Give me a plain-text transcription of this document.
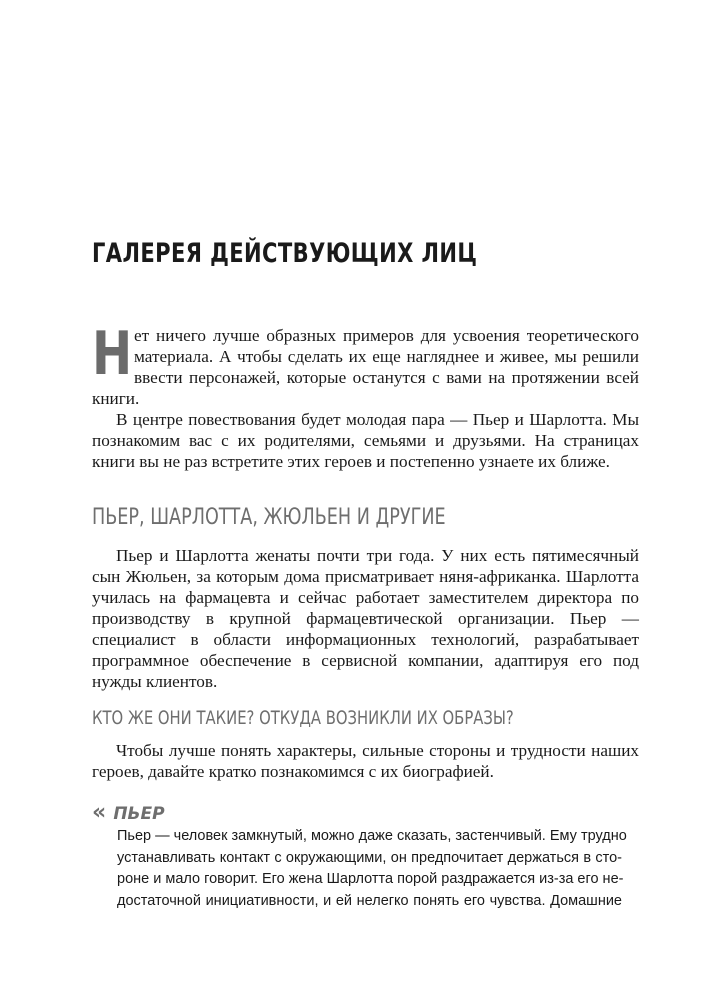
ГАЛЕРЕЯ ДЕЙСТВУЮЩИХ ЛИЦ
Н ет ничего лучше образных примеров для усвоения теоретического материала. А чтобы сделать их еще нагляднее и живее, мы решили ввести персонажей, которые останутся с вами на протяжении всей книги.

В центре повествования будет молодая пара — Пьер и Шарлотта. Мы познакомим вас с их родителями, семьями и друзьями. На страницах книги вы не раз встретите этих героев и постепенно узнаете их ближе.

ПЬЕР, ШАРЛОТТА, ЖЮЛЬЕН И ДРУГИЕ

Пьер и Шарлотта женаты почти три года. У них есть пятимесячный сын Жюльен, за которым дома присматривает няня-африканка. Шарлотта училась на фармацевта и сейчас работает заместителем директора по производству в крупной фармацевтической организации. Пьер — специалист в области информационных технологий, разрабатывает программное обеспечение в сервисной компании, адаптируя его под нужды клиентов.

КТО ЖЕ ОНИ ТАКИЕ? ОТКУДА ВОЗНИКЛИ ИХ ОБРАЗЫ?

Чтобы лучше понять характеры, сильные стороны и трудности наших героев, давайте кратко познакомимся с их биографией.

« ПЬЕР
Пьер — человек замкнутый, можно даже сказать, застенчивый. Ему трудно
устанавливать контакт с окружающими, он предпочитает держаться в сто-
роне и мало говорит. Его жена Шарлотта порой раздражается из-за его не-
достаточной инициативности, и ей нелегко понять его чувства. Домашние
